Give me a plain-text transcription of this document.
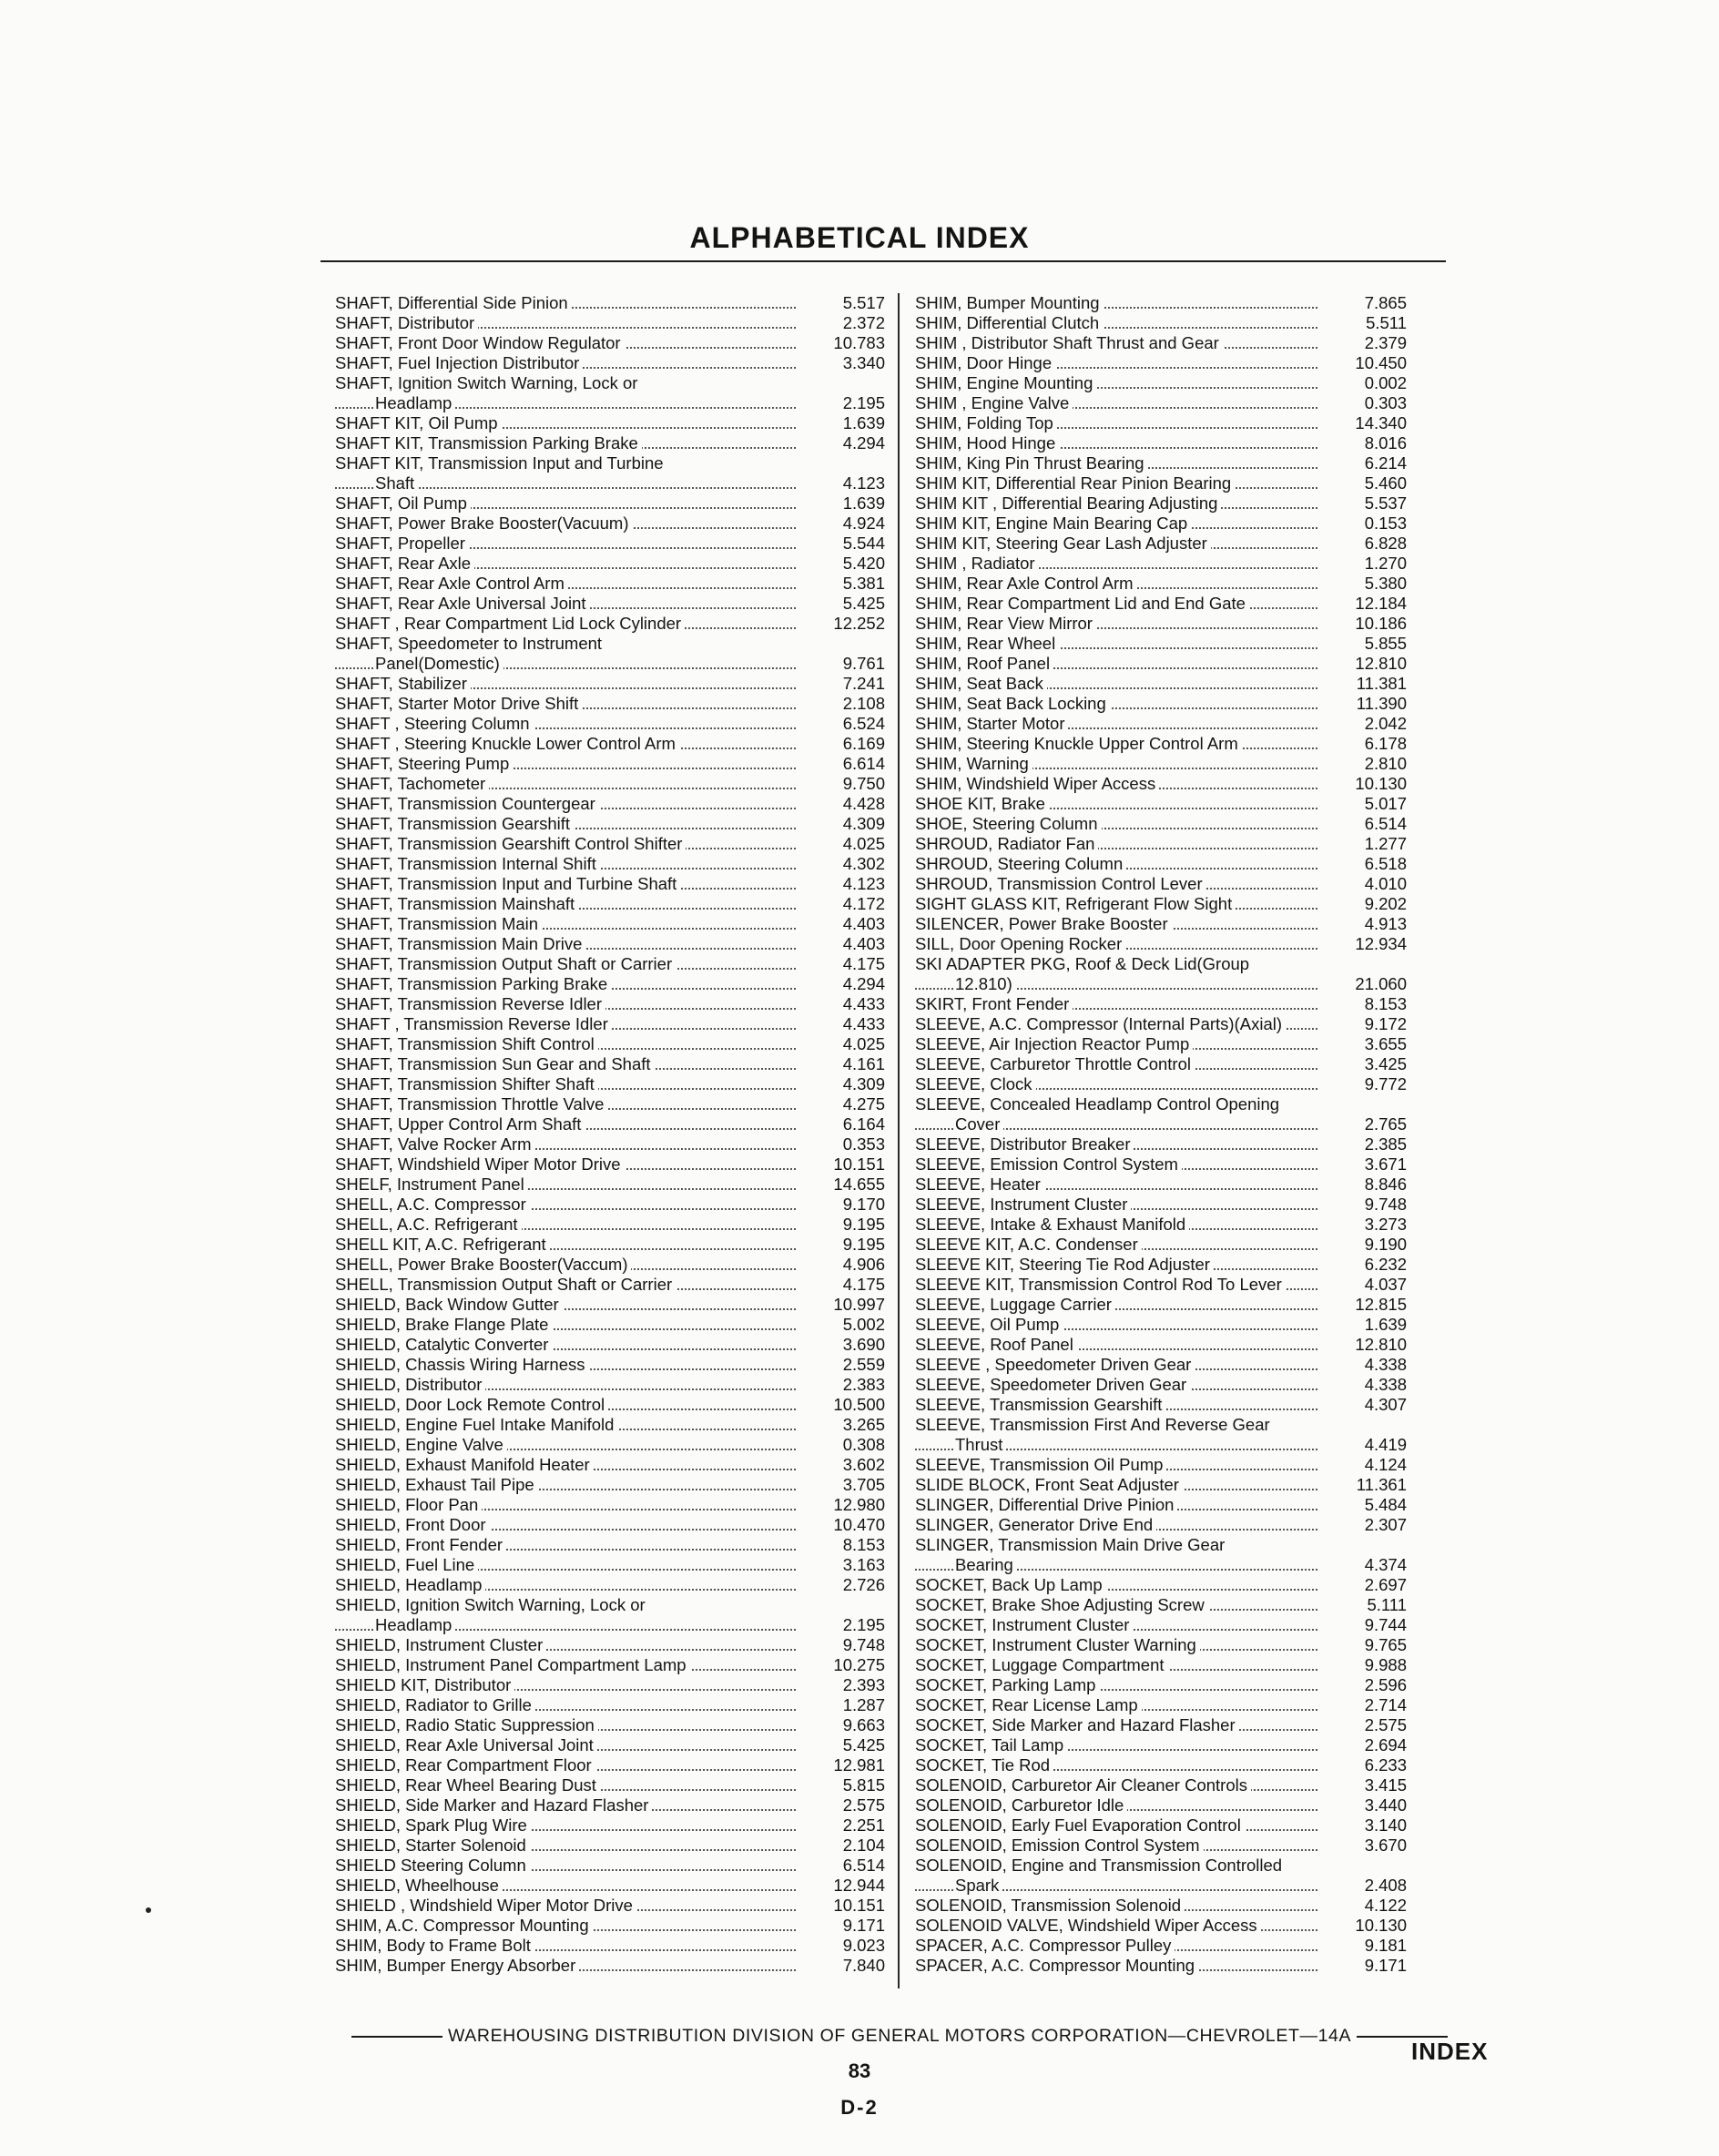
ALPHABETICAL INDEX
SHAFT, Differential Side Pinion	5.517
SHAFT, Distributor	2.372
SHAFT, Front Door Window Regulator	10.783
SHAFT, Fuel Injection Distributor	3.340
SHAFT, Ignition Switch Warning, Lock or
Headlamp	2.195
SHAFT KIT, Oil Pump	1.639
SHAFT KIT, Transmission Parking Brake	4.294
SHAFT KIT, Transmission Input and Turbine
Shaft	4.123
SHAFT, Oil Pump	1.639
SHAFT, Power Brake Booster(Vacuum)	4.924
SHAFT, Propeller	5.544
SHAFT, Rear Axle	5.420
SHAFT, Rear Axle Control Arm	5.381
SHAFT, Rear Axle Universal Joint	5.425
SHAFT , Rear Compartment Lid Lock Cylinder	12.252
SHAFT, Speedometer to Instrument
Panel(Domestic)	9.761
SHAFT, Stabilizer	7.241
SHAFT, Starter Motor Drive Shift	2.108
SHAFT , Steering Column	6.524
SHAFT , Steering Knuckle Lower Control Arm	6.169
SHAFT, Steering Pump	6.614
SHAFT, Tachometer	9.750
SHAFT, Transmission Countergear	4.428
SHAFT, Transmission Gearshift	4.309
SHAFT, Transmission Gearshift Control Shifter	4.025
SHAFT, Transmission Internal Shift	4.302
SHAFT, Transmission Input and Turbine Shaft	4.123
SHAFT, Transmission Mainshaft	4.172
SHAFT, Transmission Main	4.403
SHAFT, Transmission Main Drive	4.403
SHAFT, Transmission Output Shaft or Carrier	4.175
SHAFT, Transmission Parking Brake	4.294
SHAFT, Transmission Reverse Idler	4.433
SHAFT , Transmission Reverse Idler	4.433
SHAFT, Transmission Shift Control	4.025
SHAFT, Transmission Sun Gear and Shaft	4.161
SHAFT, Transmission Shifter Shaft	4.309
SHAFT, Transmission Throttle Valve	4.275
SHAFT, Upper Control Arm Shaft	6.164
SHAFT, Valve Rocker Arm	0.353
SHAFT, Windshield Wiper Motor Drive	10.151
SHELF, Instrument Panel	14.655
SHELL, A.C. Compressor	9.170
SHELL, A.C. Refrigerant	9.195
SHELL KIT, A.C. Refrigerant	9.195
SHELL, Power Brake Booster(Vaccum)	4.906
SHELL, Transmission Output Shaft or Carrier	4.175
SHIELD, Back Window Gutter	10.997
SHIELD, Brake Flange Plate	5.002
SHIELD, Catalytic Converter	3.690
SHIELD, Chassis Wiring Harness	2.559
SHIELD, Distributor	2.383
SHIELD, Door Lock Remote Control	10.500
SHIELD, Engine Fuel Intake Manifold	3.265
SHIELD, Engine Valve	0.308
SHIELD, Exhaust Manifold Heater	3.602
SHIELD, Exhaust Tail Pipe	3.705
SHIELD, Floor Pan	12.980
SHIELD, Front Door	10.470
SHIELD, Front Fender	8.153
SHIELD, Fuel Line	3.163
SHIELD, Headlamp	2.726
SHIELD, Ignition Switch Warning, Lock or
Headlamp	2.195
SHIELD, Instrument Cluster	9.748
SHIELD, Instrument Panel Compartment Lamp	10.275
SHIELD KIT, Distributor	2.393
SHIELD, Radiator to Grille	1.287
SHIELD, Radio Static Suppression	9.663
SHIELD, Rear Axle Universal Joint	5.425
SHIELD, Rear Compartment Floor	12.981
SHIELD, Rear Wheel Bearing Dust	5.815
SHIELD, Side Marker and Hazard Flasher	2.575
SHIELD, Spark Plug Wire	2.251
SHIELD, Starter Solenoid	2.104
SHIELD Steering Column	6.514
SHIELD, Wheelhouse	12.944
SHIELD , Windshield Wiper Motor Drive	10.151
SHIM, A.C. Compressor Mounting	9.171
SHIM, Body to Frame Bolt	9.023
SHIM, Bumper Energy Absorber	7.840
SHIM, Bumper Mounting	7.865
SHIM, Differential Clutch	5.511
SHIM , Distributor Shaft Thrust and Gear	2.379
SHIM, Door Hinge	10.450
SHIM, Engine Mounting	0.002
SHIM , Engine Valve	0.303
SHIM, Folding Top	14.340
SHIM, Hood Hinge	8.016
SHIM, King Pin Thrust Bearing	6.214
SHIM KIT, Differential Rear Pinion Bearing	5.460
SHIM KIT , Differential Bearing Adjusting	5.537
SHIM KIT, Engine Main Bearing Cap	0.153
SHIM KIT, Steering Gear Lash Adjuster	6.828
SHIM , Radiator	1.270
SHIM, Rear Axle Control Arm	5.380
SHIM, Rear Compartment Lid and End Gate	12.184
SHIM, Rear View Mirror	10.186
SHIM, Rear Wheel	5.855
SHIM, Roof Panel	12.810
SHIM, Seat Back	11.381
SHIM, Seat Back Locking	11.390
SHIM, Starter Motor	2.042
SHIM, Steering Knuckle Upper Control Arm	6.178
SHIM, Warning	2.810
SHIM, Windshield Wiper Access	10.130
SHOE KIT, Brake	5.017
SHOE, Steering Column	6.514
SHROUD, Radiator Fan	1.277
SHROUD, Steering Column	6.518
SHROUD, Transmission Control Lever	4.010
SIGHT GLASS KIT, Refrigerant Flow Sight	9.202
SILENCER, Power Brake Booster	4.913
SILL, Door Opening Rocker	12.934
SKI ADAPTER PKG, Roof & Deck Lid(Group
12.810)	21.060
SKIRT, Front Fender	8.153
SLEEVE, A.C. Compressor (Internal Parts)(Axial)	9.172
SLEEVE, Air Injection Reactor Pump	3.655
SLEEVE, Carburetor Throttle Control	3.425
SLEEVE, Clock	9.772
SLEEVE, Concealed Headlamp Control Opening
Cover	2.765
SLEEVE, Distributor Breaker	2.385
SLEEVE, Emission Control System	3.671
SLEEVE, Heater	8.846
SLEEVE, Instrument Cluster	9.748
SLEEVE, Intake & Exhaust Manifold	3.273
SLEEVE KIT, A.C. Condenser	9.190
SLEEVE KIT, Steering Tie Rod Adjuster	6.232
SLEEVE KIT, Transmission Control Rod To Lever	4.037
SLEEVE, Luggage Carrier	12.815
SLEEVE, Oil Pump	1.639
SLEEVE, Roof Panel	12.810
SLEEVE , Speedometer Driven Gear	4.338
SLEEVE, Speedometer Driven Gear	4.338
SLEEVE, Transmission Gearshift	4.307
SLEEVE, Transmission First And Reverse Gear
Thrust	4.419
SLEEVE, Transmission Oil Pump	4.124
SLIDE BLOCK, Front Seat Adjuster	11.361
SLINGER, Differential Drive Pinion	5.484
SLINGER, Generator Drive End	2.307
SLINGER, Transmission Main Drive Gear
Bearing	4.374
SOCKET, Back Up Lamp	2.697
SOCKET, Brake Shoe Adjusting Screw	5.111
SOCKET, Instrument Cluster	9.744
SOCKET, Instrument Cluster Warning	9.765
SOCKET, Luggage Compartment	9.988
SOCKET, Parking Lamp	2.596
SOCKET, Rear License Lamp	2.714
SOCKET, Side Marker and Hazard Flasher	2.575
SOCKET, Tail Lamp	2.694
SOCKET, Tie Rod	6.233
SOLENOID, Carburetor Air Cleaner Controls	3.415
SOLENOID, Carburetor Idle	3.440
SOLENOID, Early Fuel Evaporation Control	3.140
SOLENOID, Emission Control System	3.670
SOLENOID, Engine and Transmission Controlled
Spark	2.408
SOLENOID, Transmission Solenoid	4.122
SOLENOID VALVE, Windshield Wiper Access	10.130
SPACER, A.C. Compressor Pulley	9.181
SPACER, A.C. Compressor Mounting	9.171
WAREHOUSING DISTRIBUTION DIVISION OF GENERAL MOTORS CORPORATION—CHEVROLET—14A
INDEX
83
D-2
